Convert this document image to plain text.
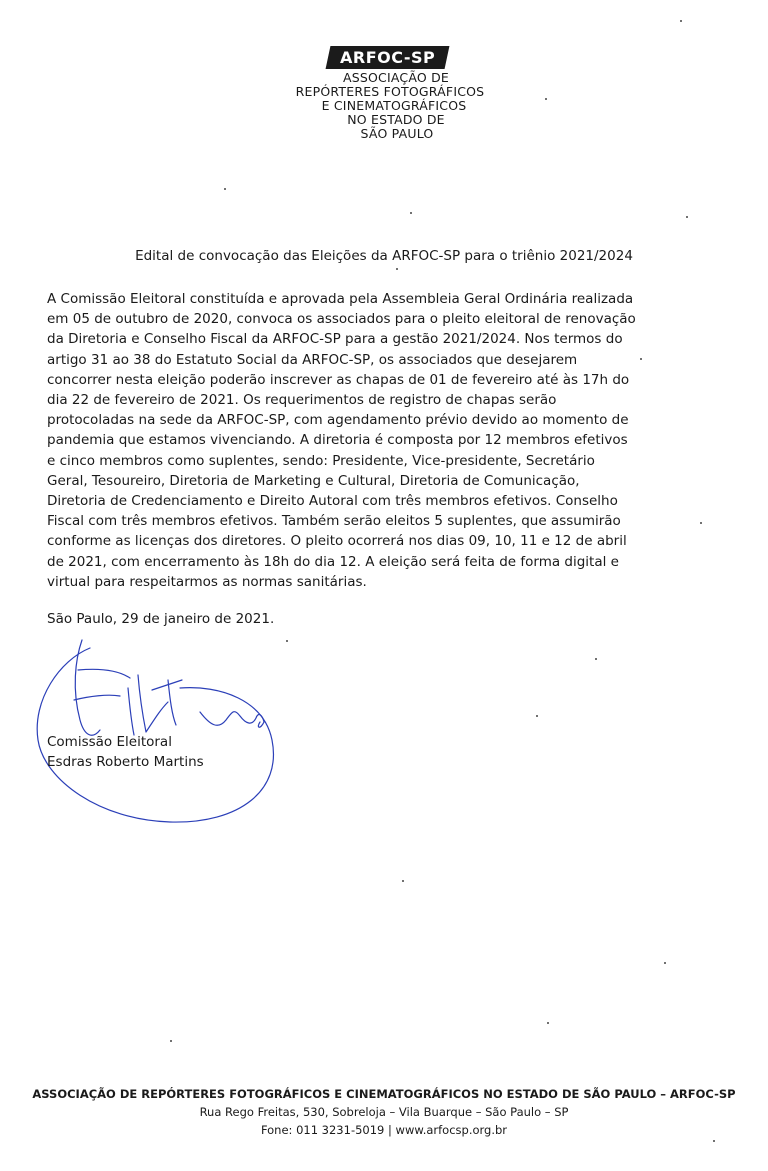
ARFOC-SP
ASSOCIAÇÃO DE
REPÓRTERES FOTOGRÁFICOS
E CINEMATOGRÁFICOS
NO ESTADO DE
SÃO PAULO
Edital de convocação das Eleições da ARFOC-SP para o triênio 2021/2024
A Comissão Eleitoral constituída e aprovada pela Assembleia Geral Ordinária realizada
em 05 de outubro de 2020, convoca os associados para o pleito eleitoral de renovação
da Diretoria e Conselho Fiscal da ARFOC-SP para a gestão 2021/2024. Nos termos do
artigo 31 ao 38 do Estatuto Social da ARFOC-SP, os associados que desejarem
concorrer nesta eleição poderão inscrever as chapas de 01 de fevereiro até às 17h do
dia 22 de fevereiro de 2021. Os requerimentos de registro de chapas serão
protocoladas na sede da ARFOC-SP, com agendamento prévio devido ao momento de
pandemia que estamos vivenciando. A diretoria é composta por 12 membros efetivos
e cinco membros como suplentes, sendo: Presidente, Vice-presidente, Secretário
Geral, Tesoureiro, Diretoria de Marketing e Cultural, Diretoria de Comunicação,
Diretoria de Credenciamento e Direito Autoral com três membros efetivos. Conselho
Fiscal com três membros efetivos. Também serão eleitos 5 suplentes, que assumirão
conforme as licenças dos diretores. O pleito ocorrerá nos dias 09, 10, 11 e 12 de abril
de 2021, com encerramento às 18h do dia 12. A eleição será feita de forma digital e
virtual para respeitarmos as normas sanitárias.
São Paulo, 29 de janeiro de 2021.
Comissão Eleitoral
Esdras Roberto Martins
ASSOCIAÇÃO DE REPÓRTERES FOTOGRÁFICOS E CINEMATOGRÁFICOS NO ESTADO DE SÃO PAULO – ARFOC-SP
Rua Rego Freitas, 530, Sobreloja – Vila Buarque – São Paulo – SP
Fone: 011 3231-5019 | www.arfocsp.org.br
